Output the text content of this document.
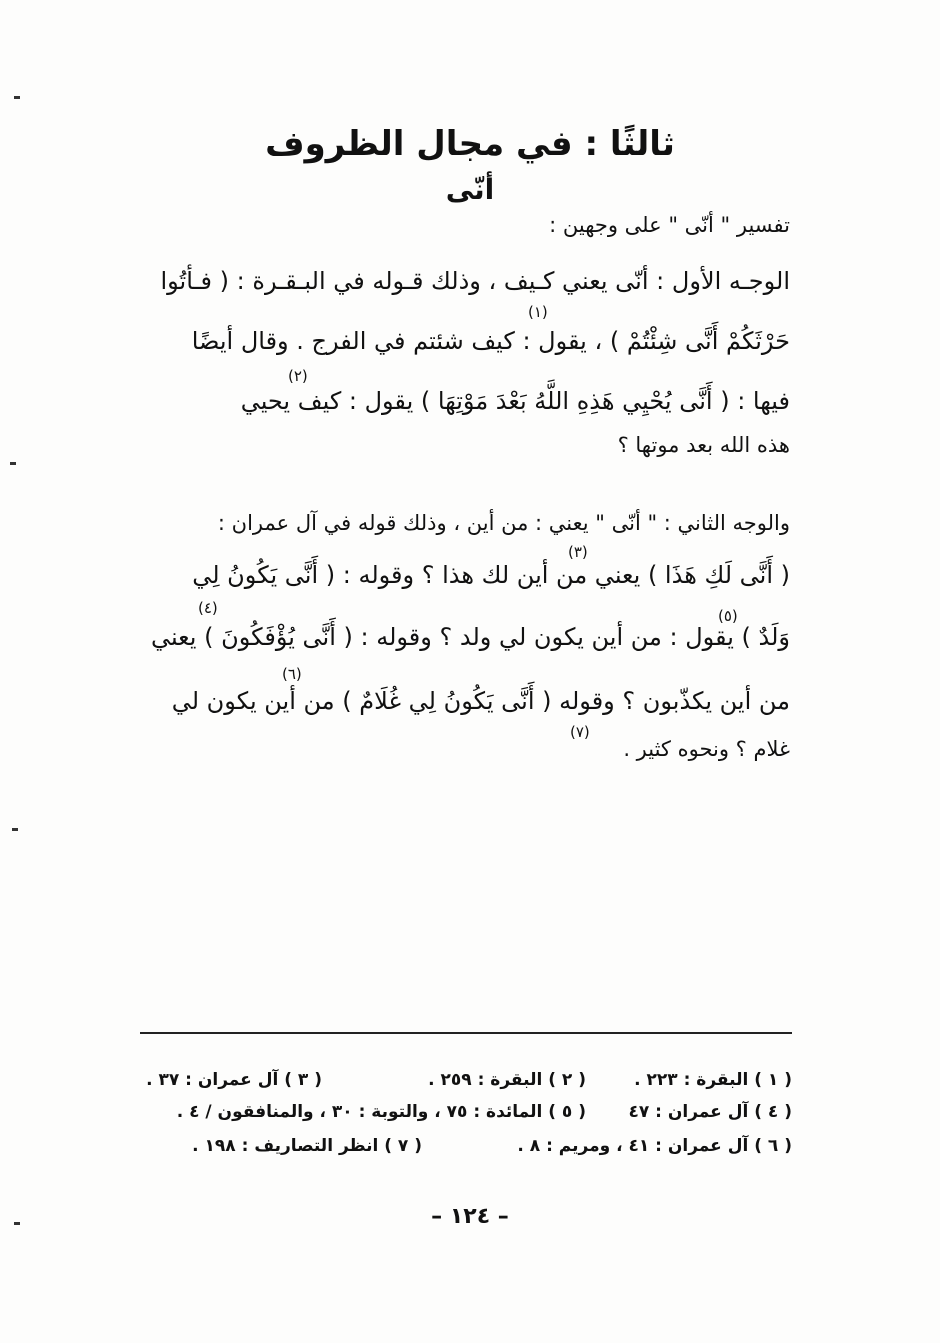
ثالثًا : في مجال الظروف
أنّى
تفسير " أنّى " على وجهين :
الوجـه الأول : أنّى يعني كـيف ، وذلك قـوله في البـقـرة : ( فـأتُوا
(١)
حَرْثَكُمْ أَنَّى شِئْتُمْ ) ، يقول : كيف شئتم في الفرج . وقال أيضًا
(٢)
فيها : ( أَنَّى يُحْيِي هَذِهِ اللَّهُ بَعْدَ مَوْتِهَا ) يقول : كيف يحيي
هذه الله بعد موتها ؟
والوجه الثاني : " أنّى " يعني : من أين ، وذلك قوله في آل عمران :
(٣)
( أَنَّى لَكِ هَذَا ) يعني من أين لك هذا ؟ وقوله : ( أَنَّى يَكُونُ لِي
(٤)	(٥)
وَلَدٌ ) يقول : من أين يكون لي ولد ؟ وقوله : ( أَنَّى يُؤْفَكُونَ ) يعني
(٦)
من أين يكذّبون ؟ وقوله ( أَنَّى يَكُونُ لِي غُلَامٌ ) من أين يكون لي
(٧)
غلام ؟ ونحوه كثير .
( ١ ) البقرة : ٢٢٣ .
( ٢ ) البقرة : ٢٥٩ .
( ٣ ) آل عمران : ٣٧ .
( ٤ ) آل عمران : ٤٧
( ٥ ) المائدة : ٧٥ ، والتوبة : ٣٠ ، والمنافقون / ٤ .
( ٦ ) آل عمران : ٤١ ، ومريم : ٨ .
( ٧ ) انظر التصاريف : ١٩٨ .
– ١٢٤ –
